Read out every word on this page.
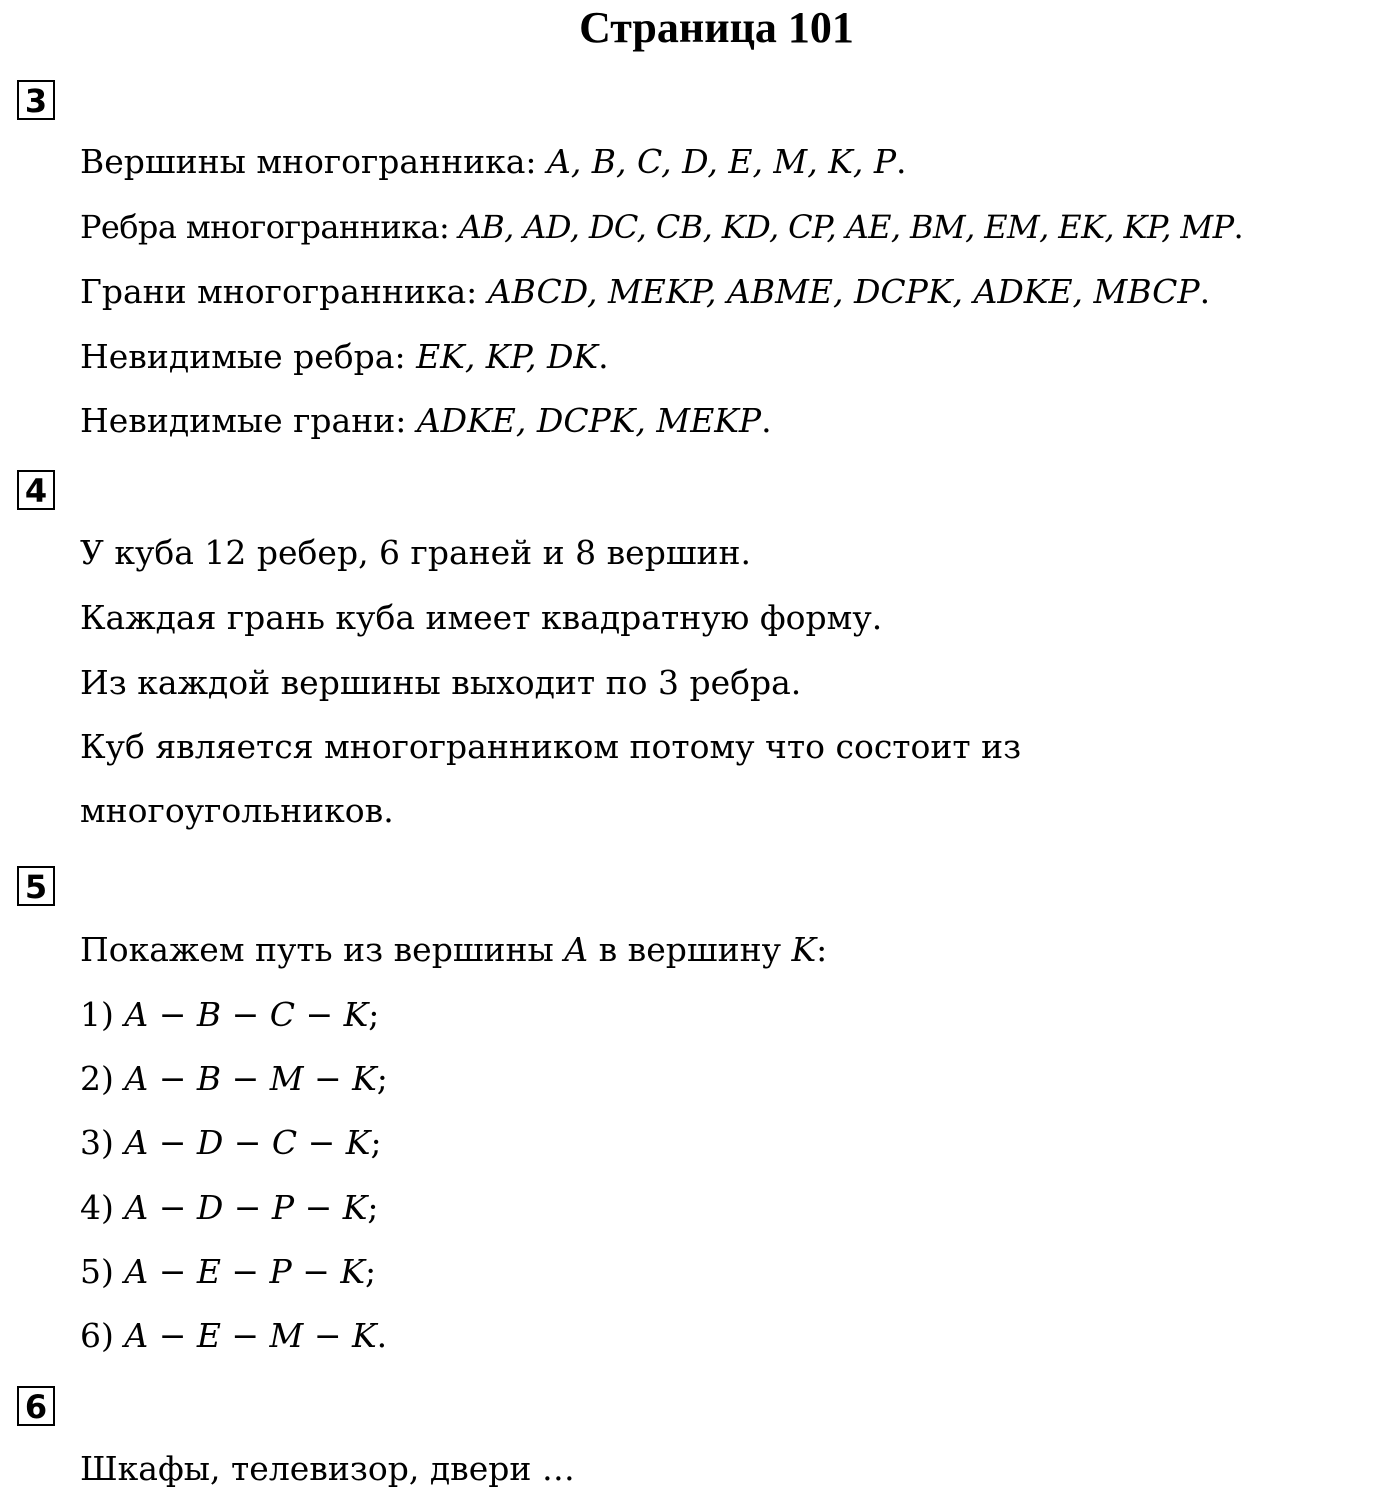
Страница 101
3
Вершины многогранника: A, B, C, D, E, M, K, P.
Ребра многогранника: AB, AD, DC, CB, KD, CP, AE, BM, EM, EK, KP, MP.
Грани многогранника: ABCD, MEKP, ABME, DCPK, ADKE, MBCP.
Невидимые ребра: EK, KP, DK.
Невидимые грани: ADKE, DCPK, MEKP.
4
У куба 12 ребер, 6 граней и 8 вершин.
Каждая грань куба имеет квадратную форму.
Из каждой вершины выходит по 3 ребра.
Куб является многогранником потому что состоит из
многоугольников.
5
Покажем путь из вершины A в вершину K:
1) A − B − C − K;
2) A − B − M − K;
3) A − D − C − K;
4) A − D − P − K;
5) A − E − P − K;
6) A − E − M − K.
6
Шкафы, телевизор, двери …
